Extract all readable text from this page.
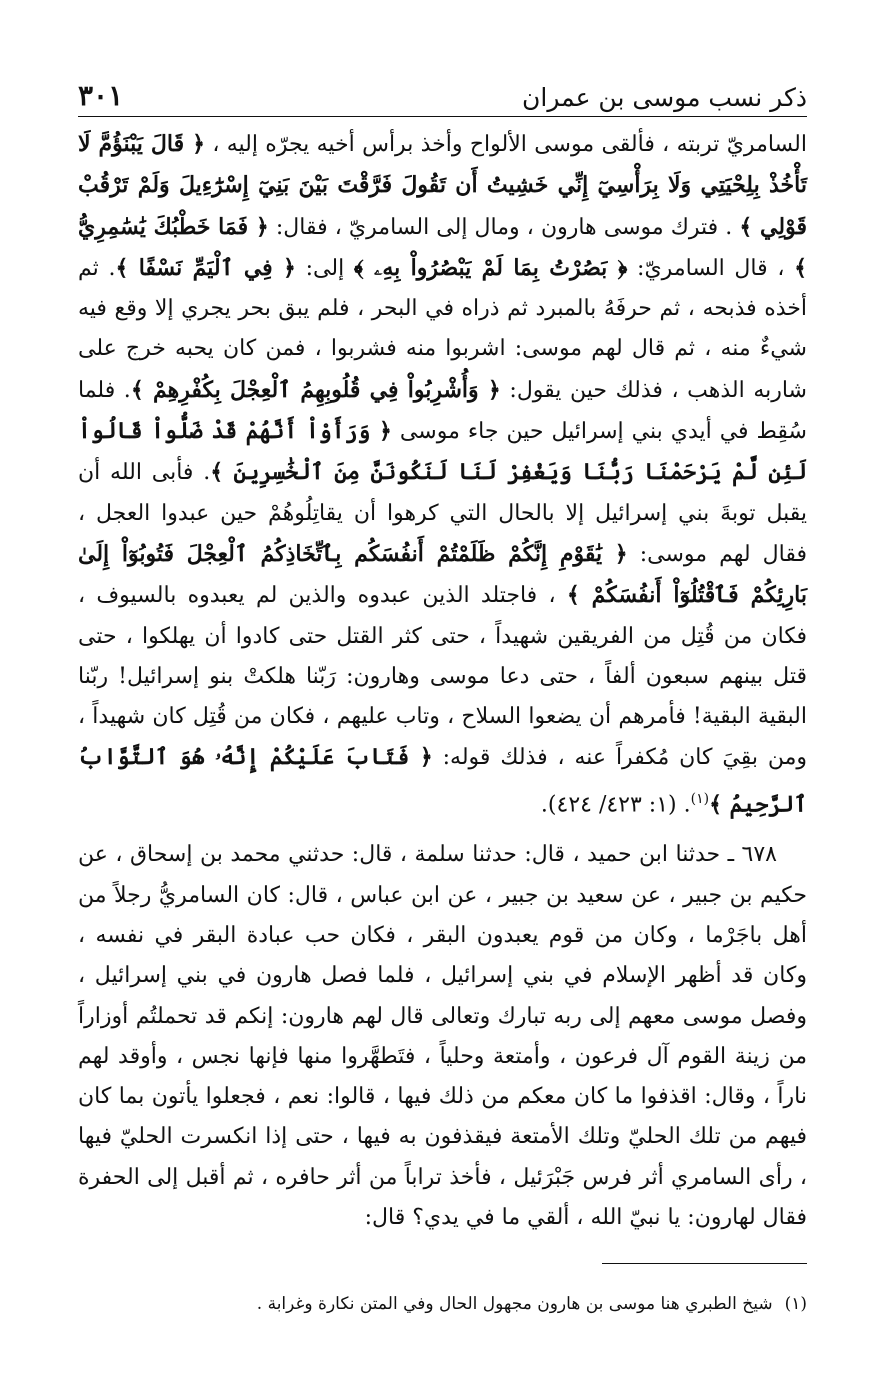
ذكر نسب موسى بن عمران
٣٠١

السامريّ تربته ، فألقى موسى الألواح وأخذ برأس أخيه يجرّه إليه ، ﴿ قَالَ يَبْنَؤُمَّ لَا تَأْخُذْ بِلِحْيَتِي وَلَا بِرَأْسِيٓ إِنِّي خَشِيتُ أَن تَقُولَ فَرَّقْتَ بَيْنَ بَنِيٓ إِسْرَٰٓءِيلَ وَلَمْ تَرْقُبْ قَوْلِي ﴾ . فترك موسى هارون ، ومال إلى السامريّ ، فقال: ﴿ فَمَا خَطْبُكَ يَٰسَٰمِرِيُّ ﴾ ، قال السامريّ: ﴿ بَصُرْتُ بِمَا لَمْ يَبْصُرُواْ بِهِۦ ﴾ إلى: ﴿ فِي ٱلْيَمِّ نَسْفًا ﴾. ثم أخذه فذبحه ، ثم حرفَهُ بالمبرد ثم ذراه في البحر ، فلم يبق بحر يجري إلا وقع فيه شيءٌ منه ، ثم قال لهم موسى: اشربوا منه فشربوا ، فمن كان يحبه خرج على شاربه الذهب ، فذلك حين يقول: ﴿ وَأُشْرِبُواْ فِي قُلُوبِهِمُ ٱلْعِجْلَ بِكُفْرِهِمْ ﴾. فلما سُقِط في أيدي بني إسرائيل حين جاء موسى ﴿ وَرَأَوْاْ أَنَّهُمْ قَدْ ضَلُّواْ قَالُواْ لَئِن لَّمْ يَرْحَمْنَا رَبُّنَا وَيَغْفِرْ لَنَا لَنَكُونَنَّ مِنَ ٱلْخَٰسِرِينَ ﴾. فأبى الله أن يقبل توبةَ بني إسرائيل إلا بالحال التي كرهوا أن يقاتِلُوهُمْ حين عبدوا العجل ، فقال لهم موسى: ﴿ يَٰقَوْمِ إِنَّكُمْ ظَلَمْتُمْ أَنفُسَكُم بِٱتِّخَاذِكُمُ ٱلْعِجْلَ فَتُوبُوٓاْ إِلَىٰ بَارِئِكُمْ فَٱقْتُلُوٓاْ أَنفُسَكُمْ ﴾ ، فاجتلد الذين عبدوه والذين لم يعبدوه بالسيوف ، فكان من قُتِل من الفريقين شهيداً ، حتى كثر القتل حتى كادوا أن يهلكوا ، حتى قتل بينهم سبعون ألفاً ، حتى دعا موسى وهارون: رَبّنا هلكتْ بنو إسرائيل! ربّنا البقية البقية! فأمرهم أن يضعوا السلاح ، وتاب عليهم ، فكان من قُتِل كان شهيداً ، ومن بقِيَ كان مُكفراً عنه ، فذلك قوله: ﴿ فَتَابَ عَلَيْكُمْ إِنَّهُۥ هُوَ ٱلتَّوَّابُ ٱلرَّحِيمُ ﴾$^{(١)}$. (١: ٤٢٣/ ٤٢٤).

٦٧٨ ـ حدثنا ابن حميد ، قال: حدثنا سلمة ، قال: حدثني محمد بن إسحاق ، عن حكيم بن جبير ، عن سعيد بن جبير ، عن ابن عباس ، قال: كان السامريُّ رجلاً من أهل باجَرْما ، وكان من قوم يعبدون البقر ، فكان حب عبادة البقر في نفسه ، وكان قد أظهر الإسلام في بني إسرائيل ، فلما فصل هارون في بني إسرائيل ، وفصل موسى معهم إلى ربه تبارك وتعالى قال لهم هارون: إنكم قد تحملتُم أوزاراً من زينة القوم آل فرعون ، وأمتعة وحلياً ، فتَطهَّروا منها فإنها نجس ، وأوقد لهم ناراً ، وقال: اقذفوا ما كان معكم من ذلك فيها ، قالوا: نعم ، فجعلوا يأتون بما كان فيهم من تلك الحليّ وتلك الأمتعة فيقذفون به فيها ، حتى إذا انكسرت الحليّ فيها ، رأى السامري أثر فرس جَبْرَئيل ، فأخذ تراباً من أثر حافره ، ثم أقبل إلى الحفرة فقال لهارون: يا نبيّ الله ، ألقي ما في يدي؟ قال:

(١)شيخ الطبري هنا موسى بن هارون مجهول الحال وفي المتن نكارة وغرابة .
